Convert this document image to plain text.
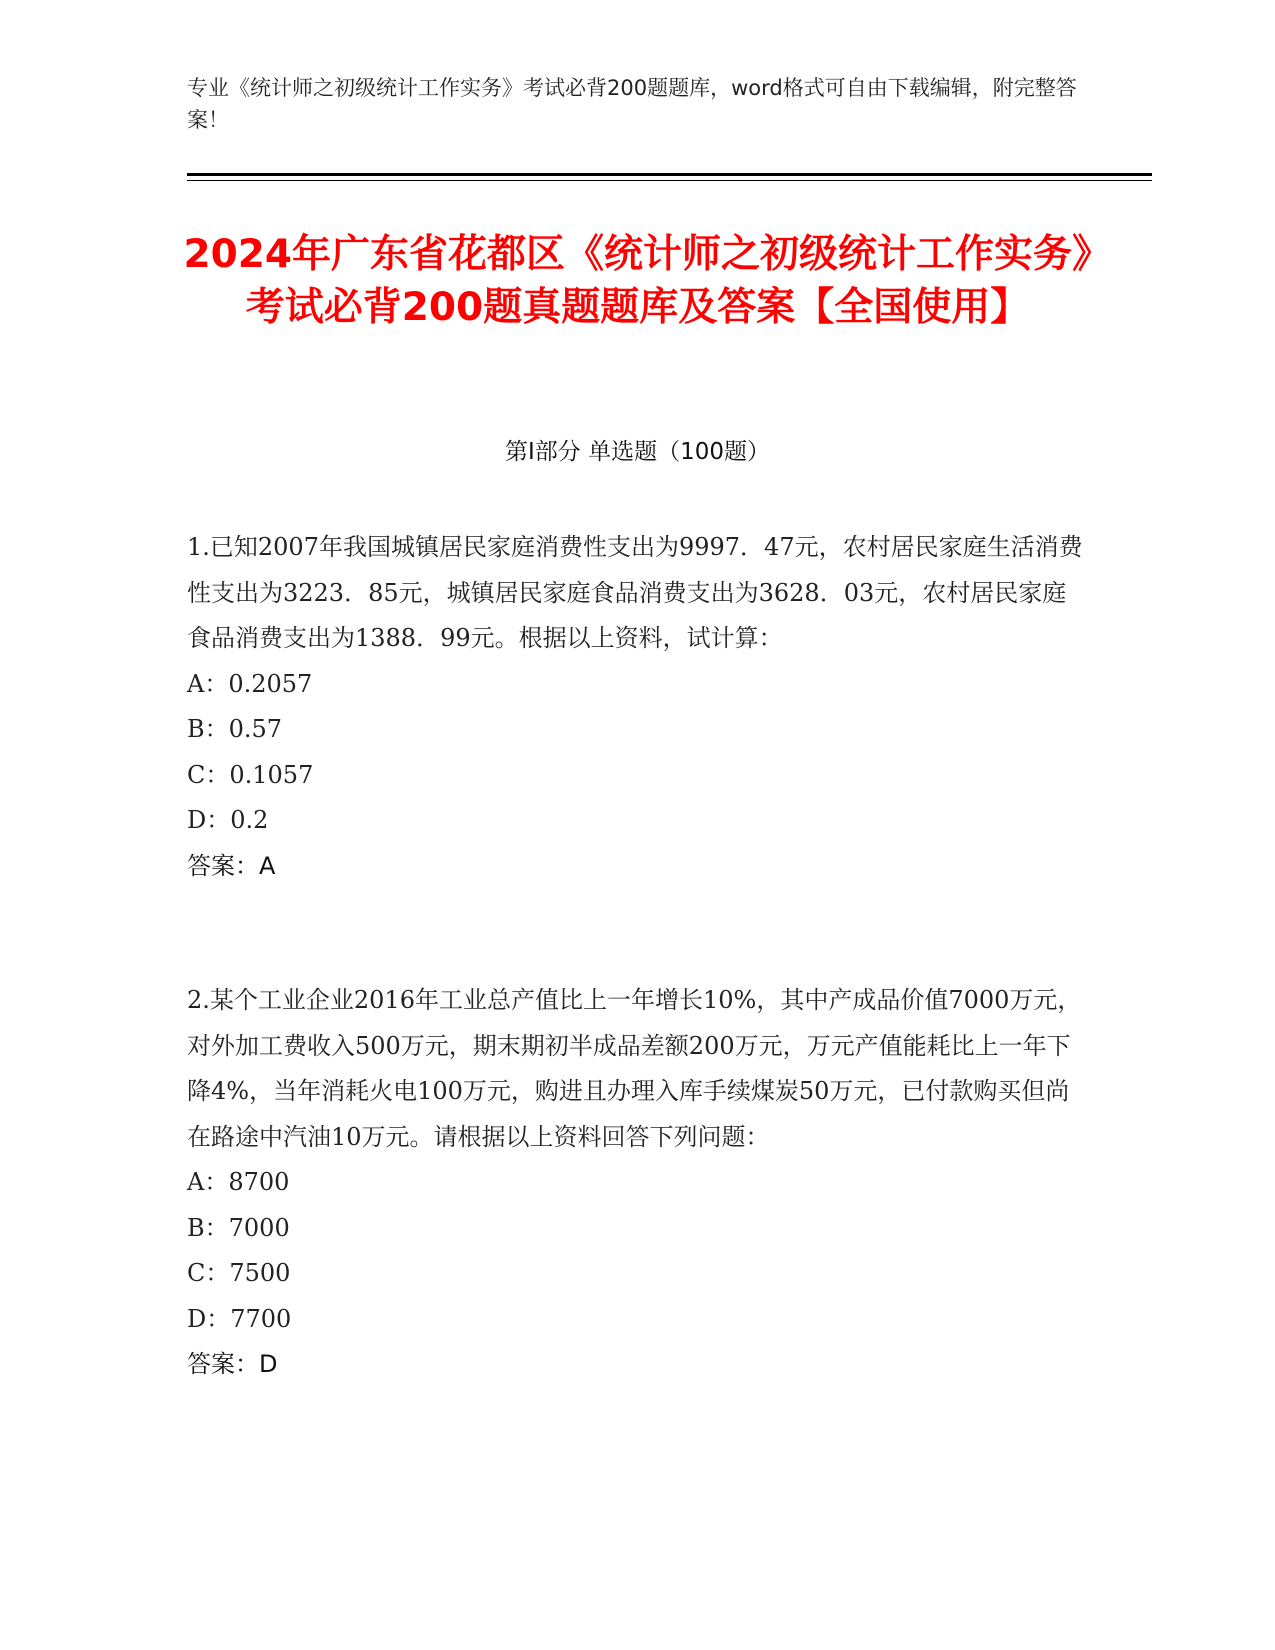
专业《统计师之初级统计工作实务》考试必背200题题库，word格式可自由下载编辑，附完整答案！
2024年广东省花都区《统计师之初级统计工作实务》考试必背200题真题题库及答案【全国使用】
第I部分 单选题（100题）

1.已知2007年我国城镇居民家庭消费性支出为9997．47元，农村居民家庭生活消费性支出为3223．85元，城镇居民家庭食品消费支出为3628．03元，农村居民家庭食品消费支出为1388．99元。根据以上资料，试计算：

A：0.2057

B：0.57

C：0.1057

D：0.2

答案：A

2.某个工业企业2016年工业总产值比上一年增长10%，其中产成品价值7000万元，对外加工费收入500万元，期末期初半成品差额200万元，万元产值能耗比上一年下降4%，当年消耗火电100万元，购进且办理入库手续煤炭50万元，已付款购买但尚在路途中汽油10万元。请根据以上资料回答下列问题：

A：8700

B：7000

C：7500

D：7700

答案：D
